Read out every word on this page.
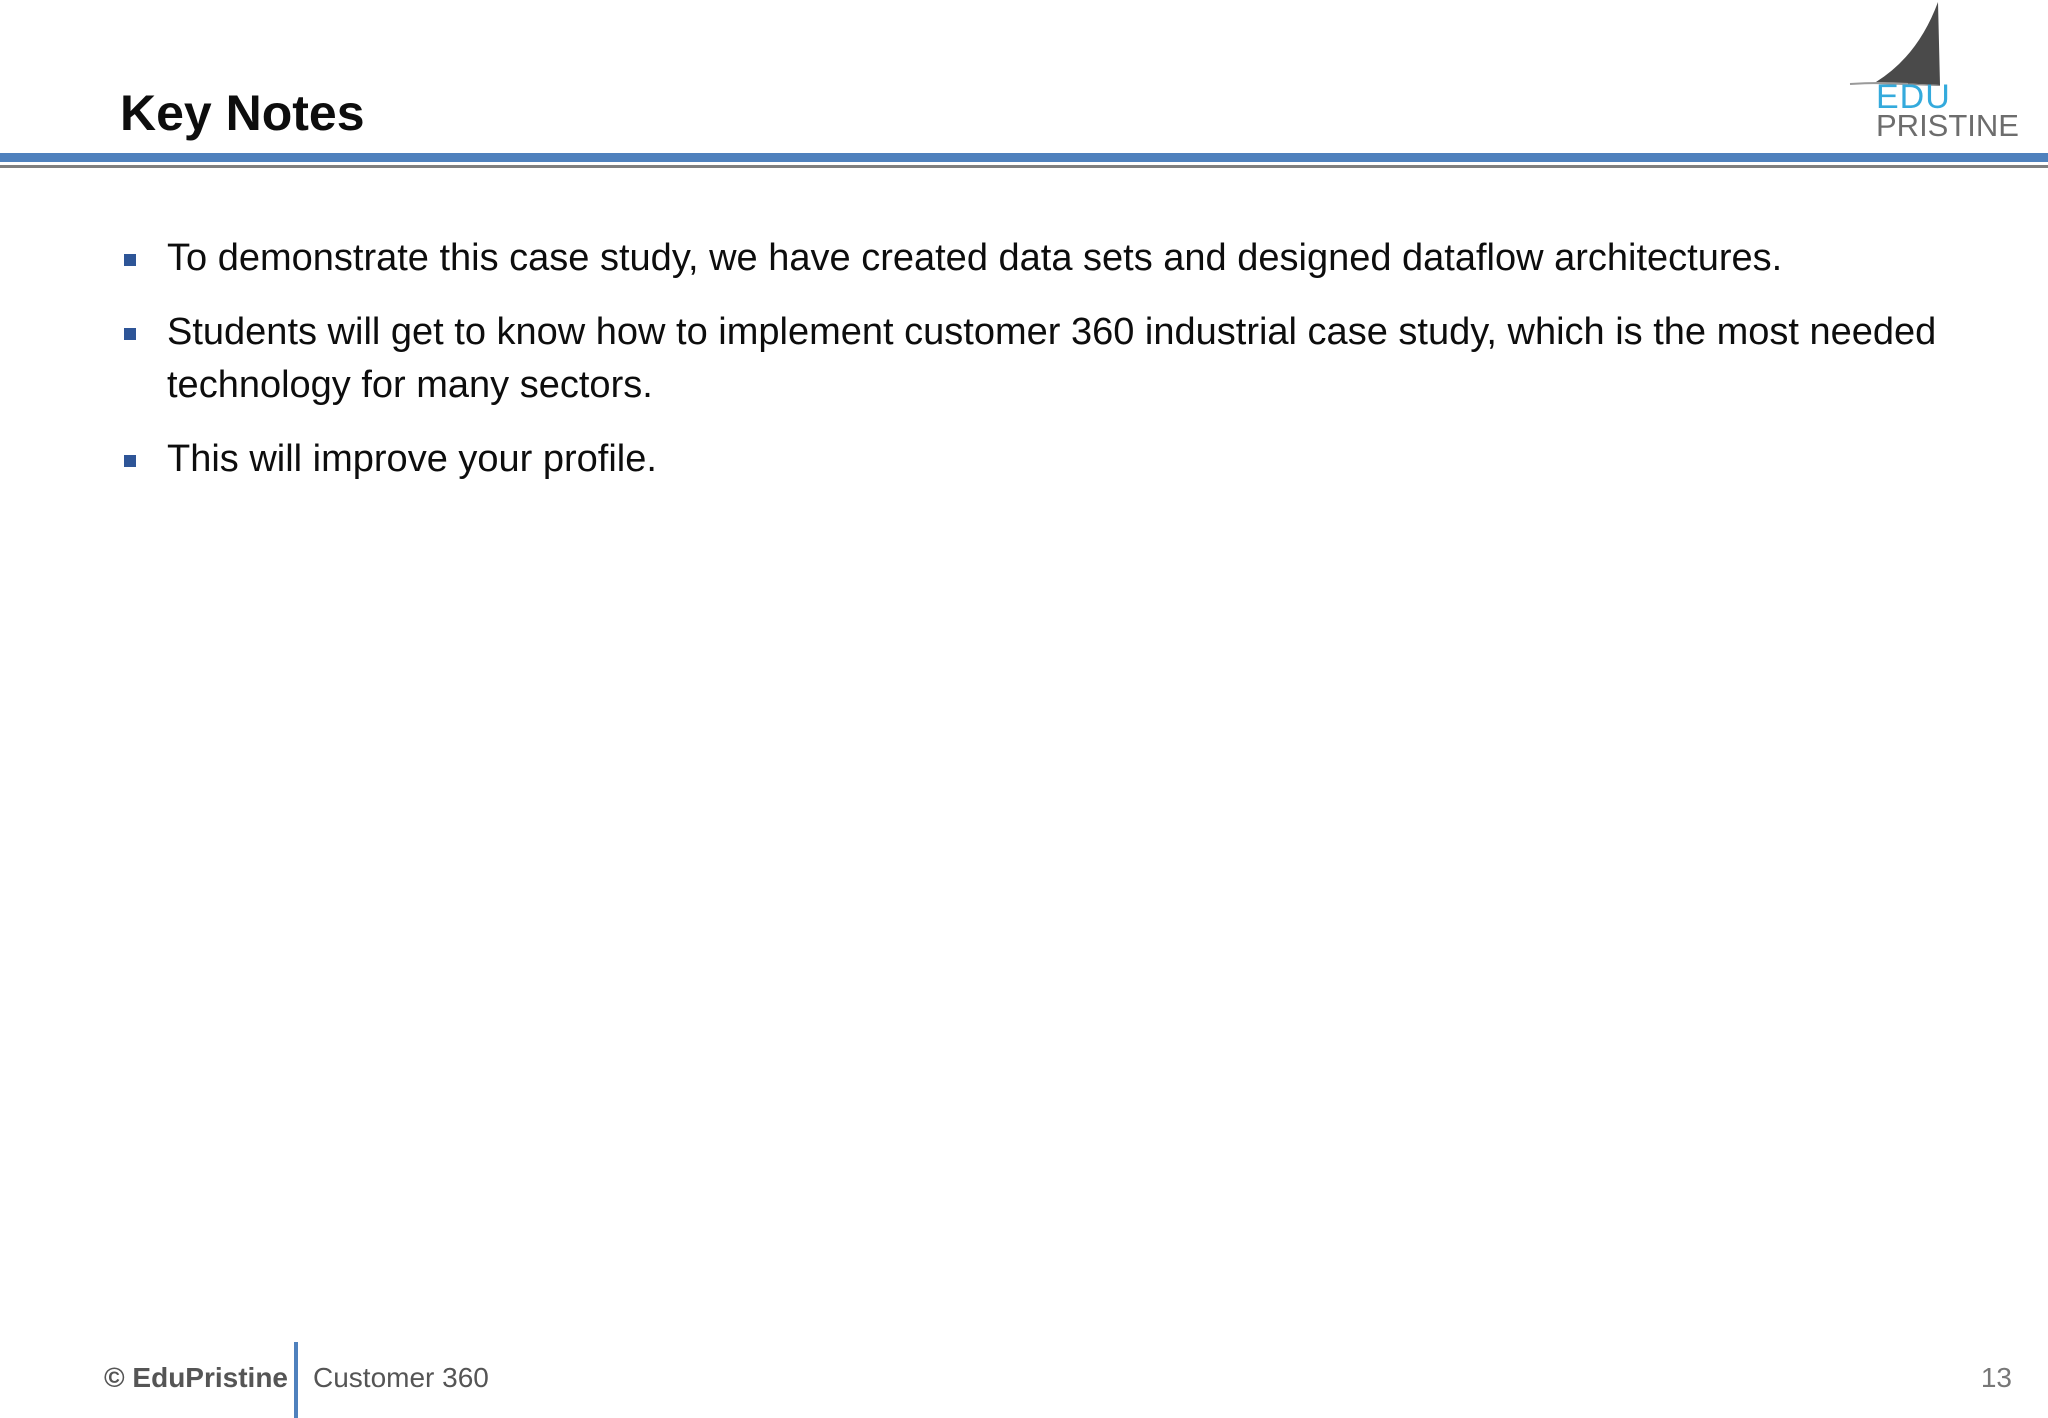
Key Notes	EDU
PRISTINE
To demonstrate this case study, we have created data sets and designed dataflow architectures.
Students will get to know how to implement customer 360 industrial case study, which is the most needed technology for many sectors.
This will improve your profile.
© EduPristine Customer 360	13
